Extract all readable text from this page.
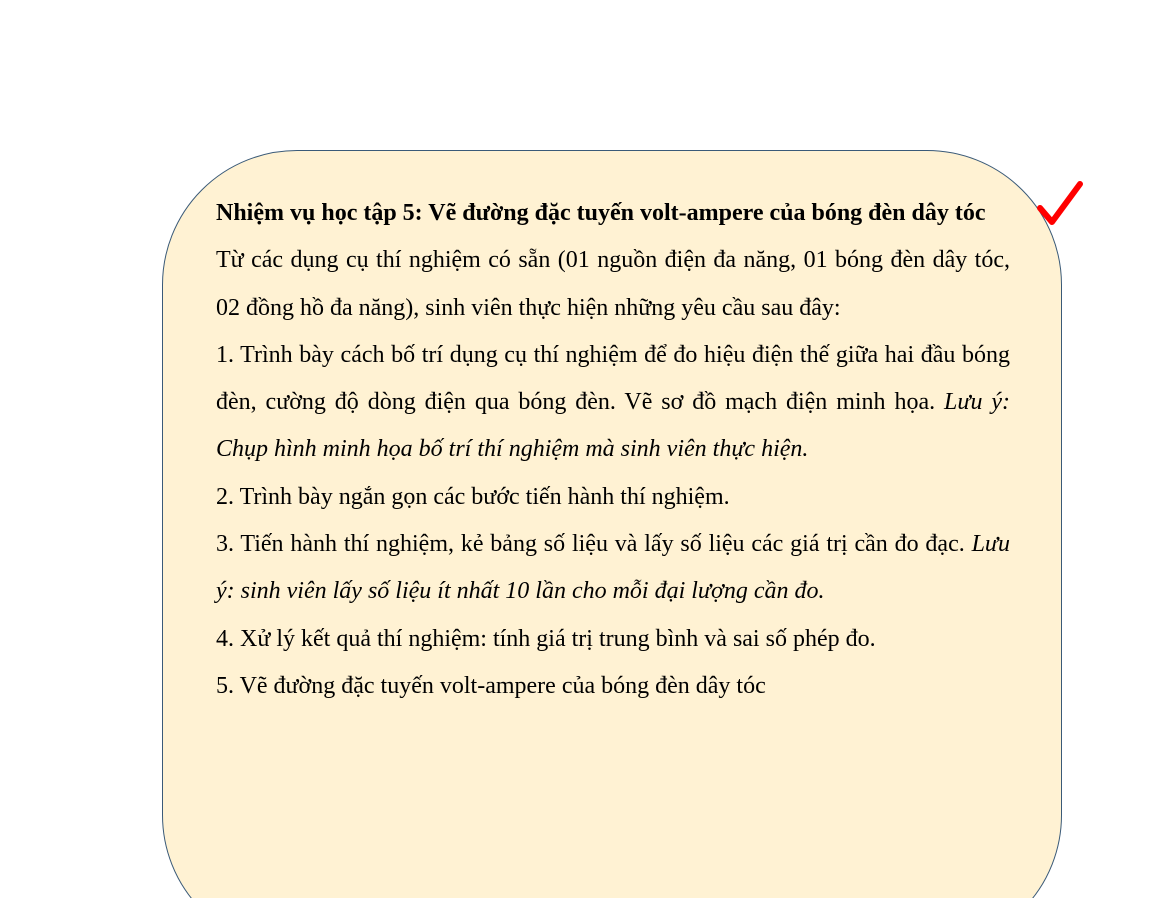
Nhiệm vụ học tập 5: Vẽ đường đặc tuyến volt-ampere của bóng đèn dây tóc

Từ các dụng cụ thí nghiệm có sẵn (01 nguồn điện đa năng, 01 bóng đèn dây tóc, 02 đồng hồ đa năng), sinh viên thực hiện những yêu cầu sau đây:

1. Trình bày cách bố trí dụng cụ thí nghiệm để đo hiệu điện thế giữa hai đầu bóng đèn, cường độ dòng điện qua bóng đèn. Vẽ sơ đồ mạch điện minh họa. Lưu ý: Chụp hình minh họa bố trí thí nghiệm mà sinh viên thực hiện.

2. Trình bày ngắn gọn các bước tiến hành thí nghiệm.

3. Tiến hành thí nghiệm, kẻ bảng số liệu và lấy số liệu các giá trị cần đo đạc. Lưu ý: sinh viên lấy số liệu ít nhất 10 lần cho mỗi đại lượng cần đo.

4. Xử lý kết quả thí nghiệm: tính giá trị trung bình và sai số phép đo.

5. Vẽ đường đặc tuyến volt-ampere của bóng đèn dây tóc
